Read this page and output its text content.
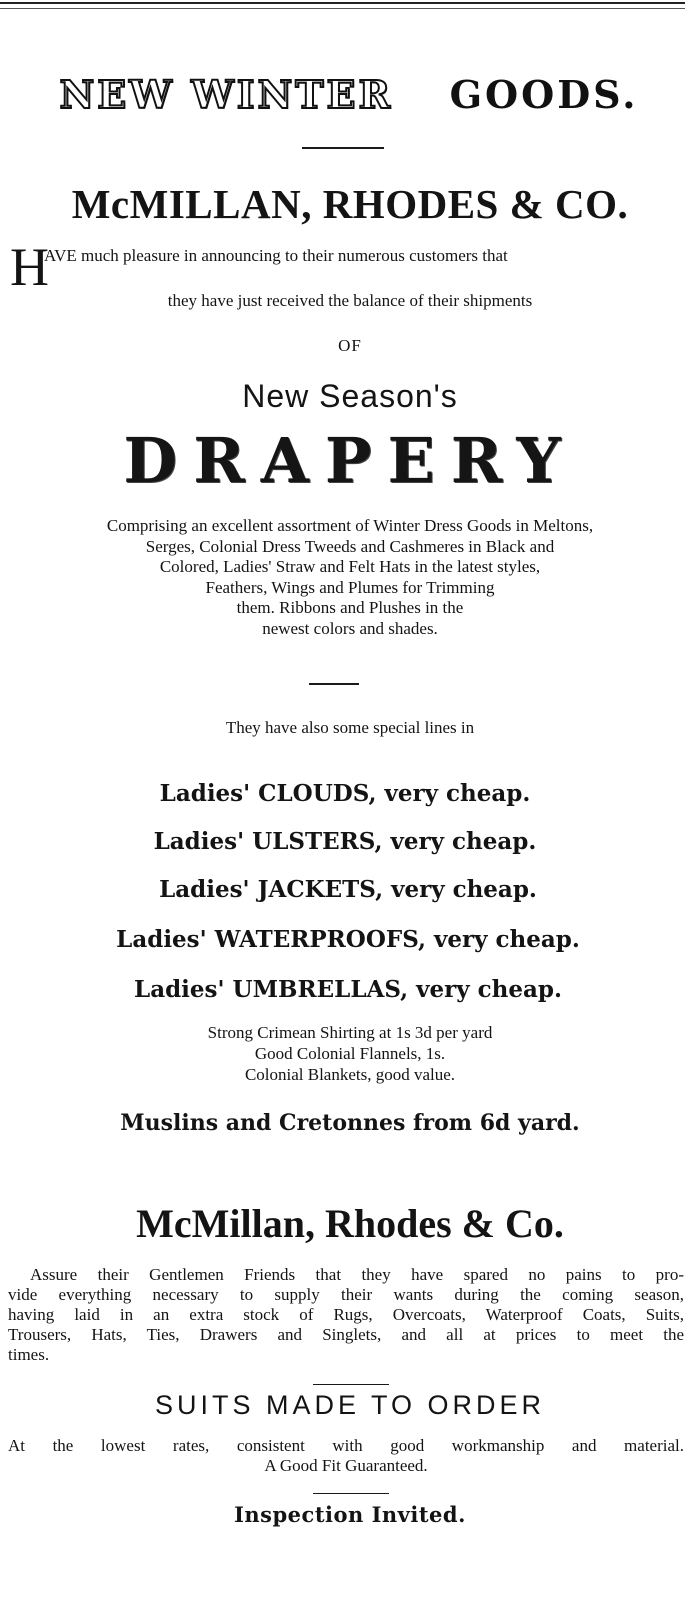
NEW WINTER GOODS.
McMILLAN, RHODES & CO.
H
AVE much pleasure in announcing to their numerous customers that
they have just received the balance of their shipments
OF
New Season's
DRAPERY
Comprising an excellent assortment of Winter Dress Goods in Meltons,
Serges, Colonial Dress Tweeds and Cashmeres in Black and
Colored, Ladies' Straw and Felt Hats in the latest styles,
Feathers, Wings and Plumes for Trimming
them. Ribbons and Plushes in the
newest colors and shades.
They have also some special lines in
Ladies' CLOUDS, very cheap.
Ladies' ULSTERS, very cheap.
Ladies' JACKETS, very cheap.
Ladies' WATERPROOFS, very cheap.
Ladies' UMBRELLAS, very cheap.
Strong Crimean Shirting at 1s 3d per yard
Good Colonial Flannels, 1s.
Colonial Blankets, good value.
Muslins and Cretonnes from 6d yard.
McMillan, Rhodes & Co.
Assure their Gentlemen Friends that they have spared no pains to pro-
vide everything necessary to supply their wants during the coming season,
having laid in an extra stock of Rugs, Overcoats, Waterproof Coats, Suits,
Trousers, Hats, Ties, Drawers and Singlets, and all at prices to meet the
times.
SUITS MADE TO ORDER
At the lowest rates, consistent with good workmanship and material.
A Good Fit Guaranteed.
Inspection Invited.
